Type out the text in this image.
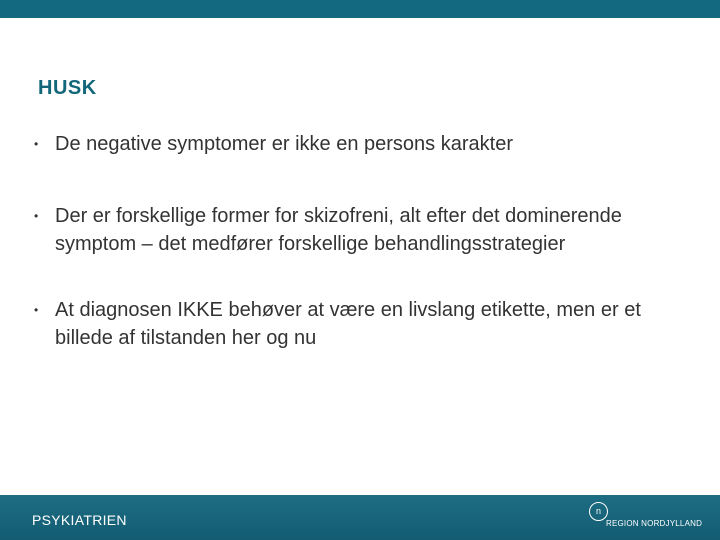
HUSK
• De negative symptomer er ikke en persons karakter
• Der er forskellige former for skizofreni, alt efter det dominerende symptom – det medfører forskellige behandlingsstrategier
• At diagnosen IKKE behøver at være en livslang etikette, men er et billede af tilstanden her og nu
PSYKIATRIEN
n
REGION NORDJYLLAND
